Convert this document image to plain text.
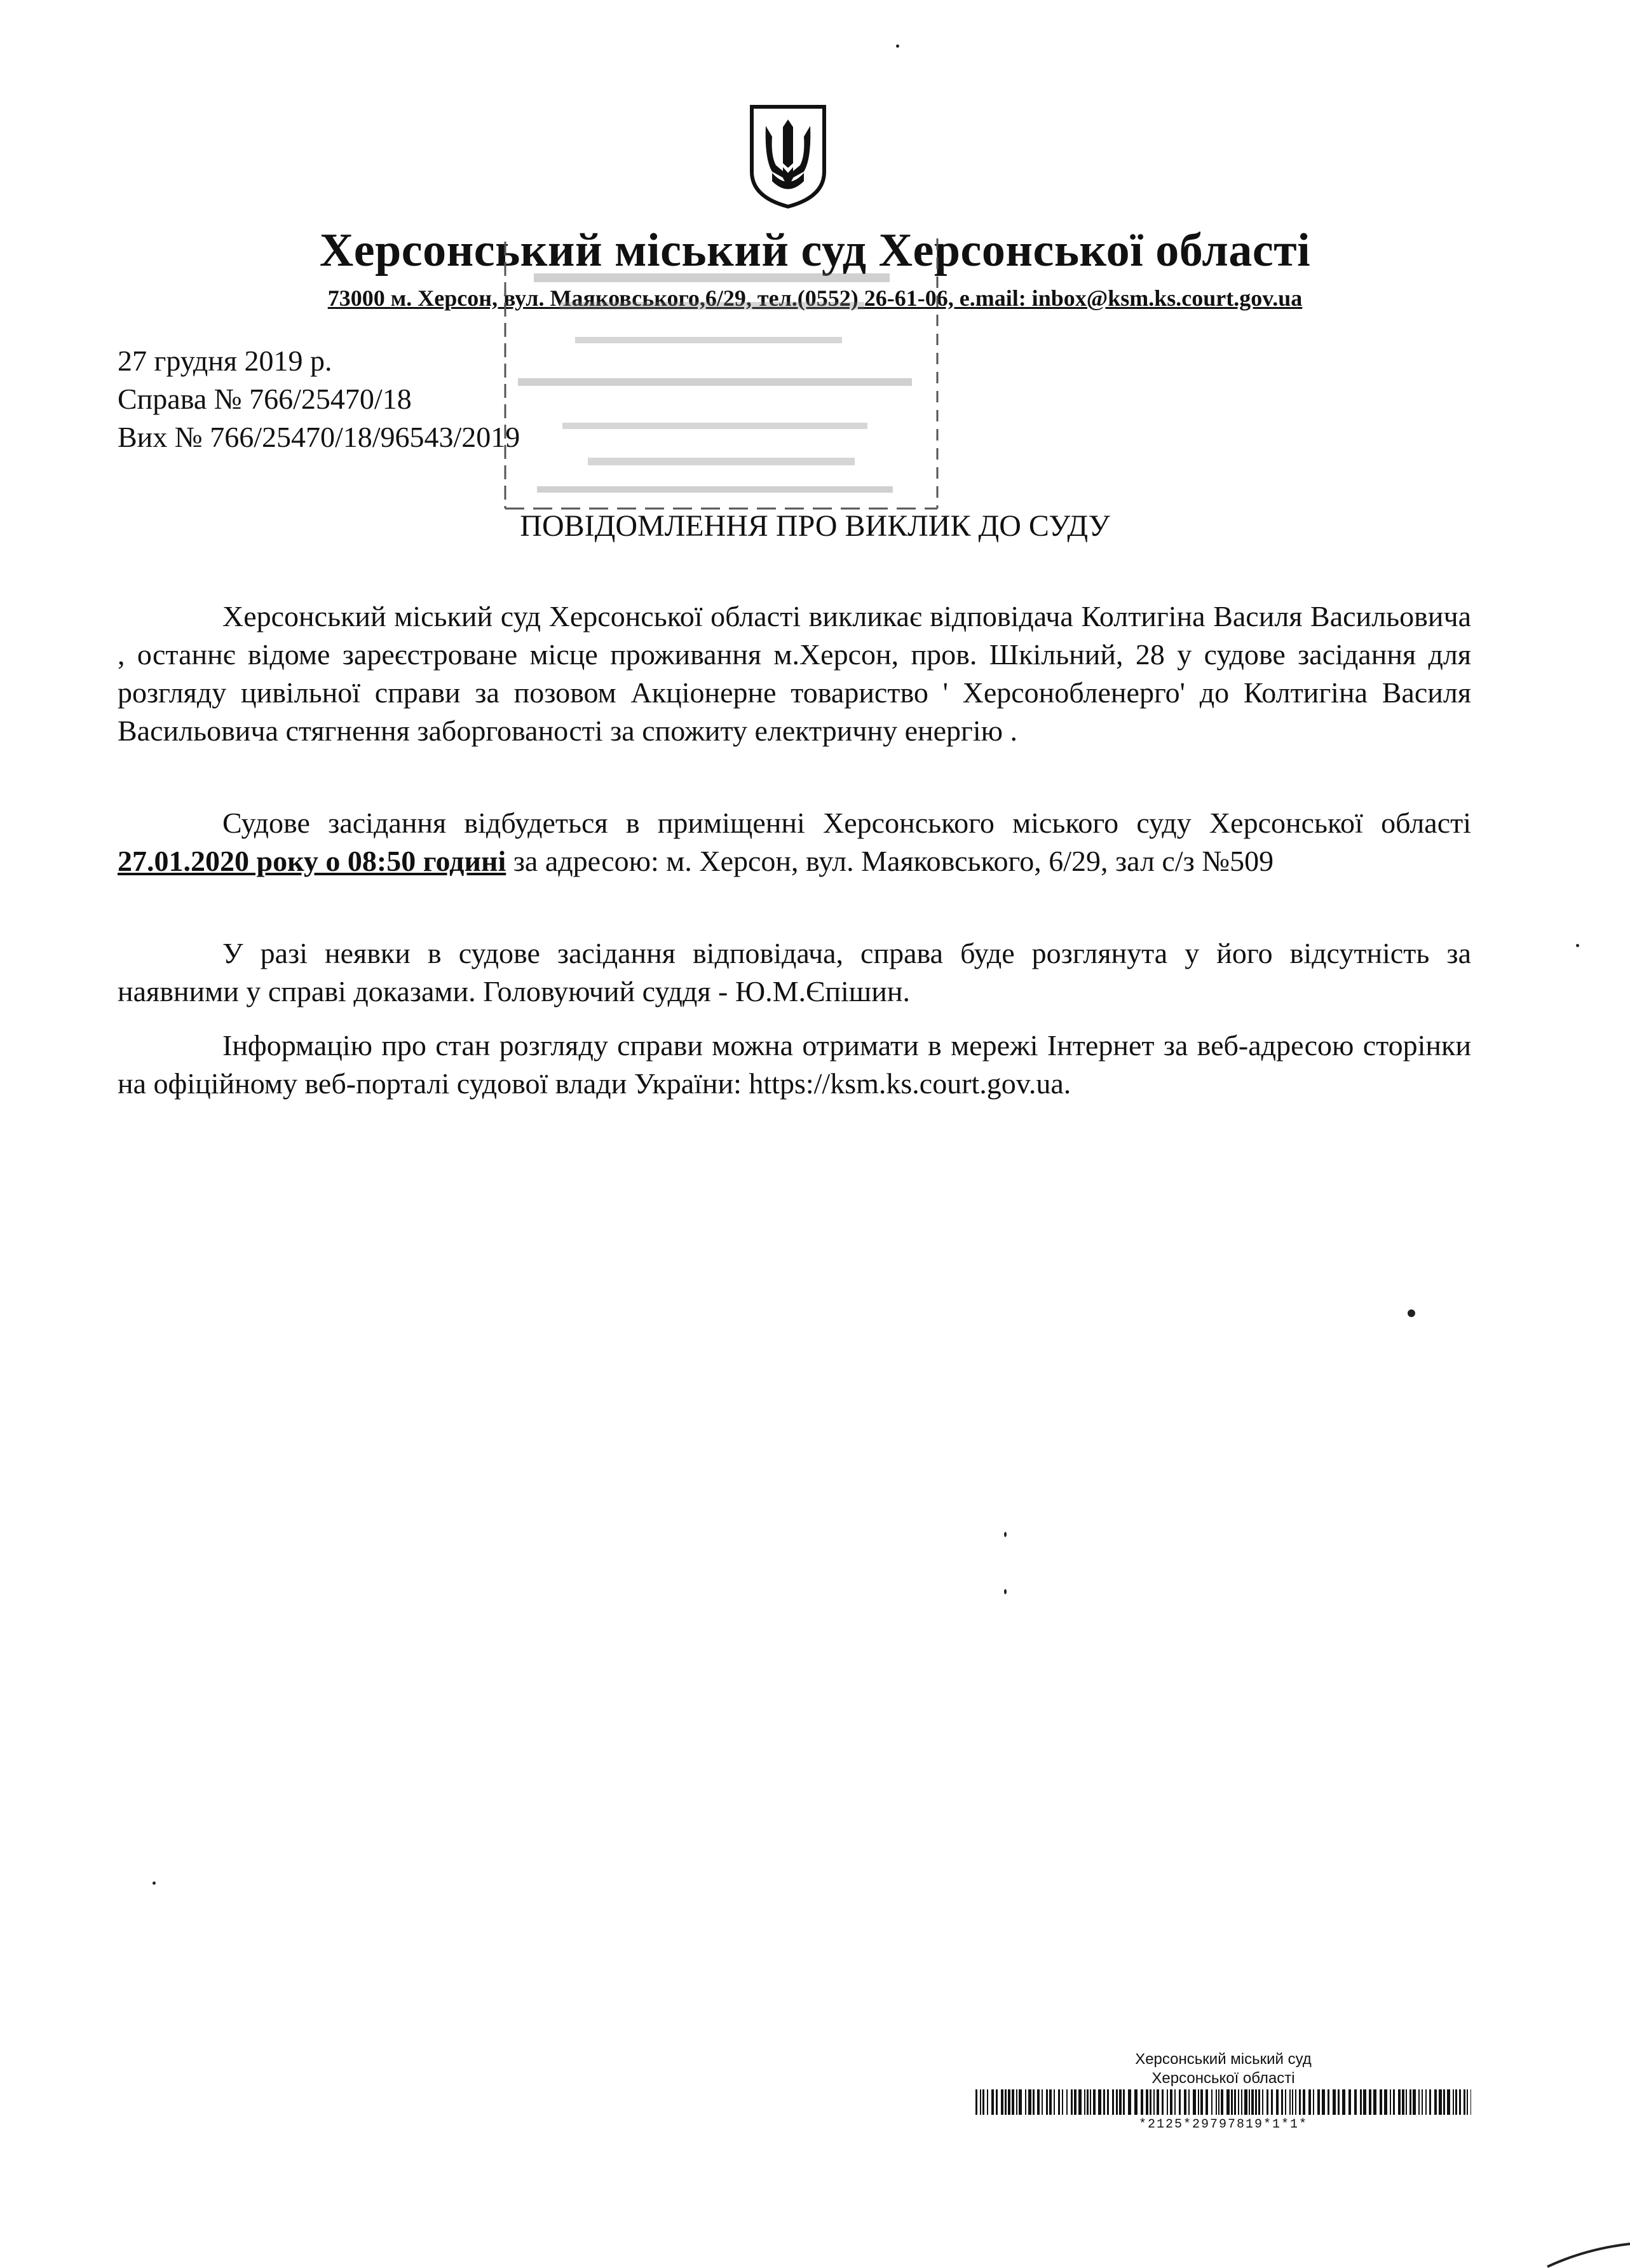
Херсонський міський суд Херсонської області
73000 м. Херсон, вул. Маяковського,6/29, тел.(0552) 26-61-06, e.mail: inbox@ksm.ks.court.gov.ua
27 грудня 2019 р.
Справа № 766/25470/18
Вих № 766/25470/18/96543/2019
ПОВІДОМЛЕННЯ ПРО ВИКЛИК ДО СУДУ

Херсонський міський суд Херсонської області викликає відповідача Колтигіна Василя Васильовича , останнє відоме зареєстроване місце проживання м.Херсон, пров. Шкільний, 28 у судове засідання для розгляду цивільної справи за позовом Акціонерне товариство ' Херсонобленерго' до Колтигіна Василя Васильовича стягнення заборгованості за спожиту електричну енергію .

Судове засідання відбудеться в приміщенні Херсонського міського суду Херсонської області 27.01.2020 року о 08:50 годині за адресою: м. Херсон, вул. Маяковського, 6/29, зал с/з №509

У разі неявки в судове засідання відповідача, справа буде розглянута у його відсутність за наявними у справі доказами. Головуючий суддя - Ю.М.Єпішин.

Інформацію про стан розгляду справи можна отримати в мережі Інтернет за веб-адресою сторінки на офіційному веб-порталі судової влади України: https://ksm.ks.court.gov.ua.

Херсонський міський суд
Херсонської області
*2125*29797819*1*1*
